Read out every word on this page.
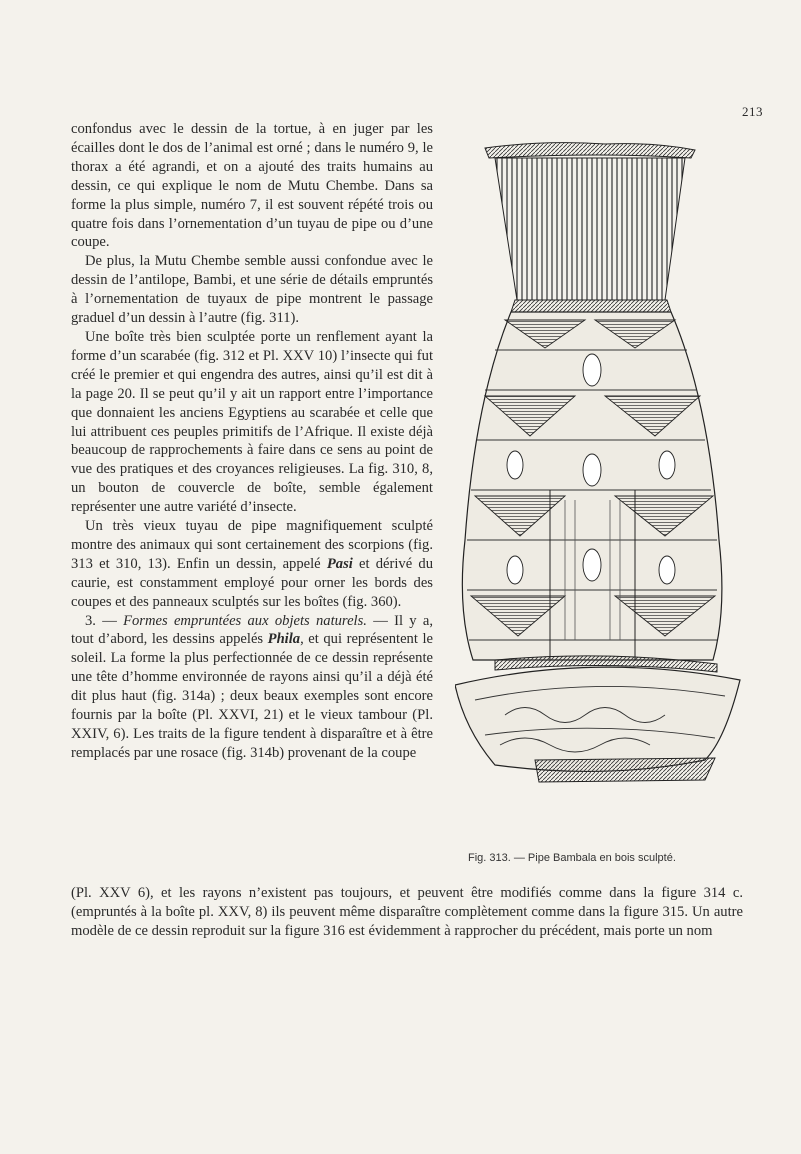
213

confondus avec le dessin de la tortue, à en juger par les écailles dont le dos de l’animal est orné ; dans le numéro 9, le thorax a été agrandi, et on a ajouté des traits humains au dessin, ce qui explique le nom de Mutu Chembe. Dans sa forme la plus simple, numéro 7, il est souvent répété trois ou quatre fois dans l’ornementation d’un tuyau de pipe ou d’une coupe.

De plus, la Mutu Chembe semble aussi confondue avec le dessin de l’antilope, Bambi, et une série de détails empruntés à l’ornementation de tuyaux de pipe montrent le passage graduel d’un dessin à l’autre (fig. 311).

Une boîte très bien sculptée porte un renflement ayant la forme d’un scarabée (fig. 312 et Pl. XXV 10) l’insecte qui fut créé le premier et qui engendra des autres, ainsi qu’il est dit à la page 20. Il se peut qu’il y ait un rapport entre l’importance que donnaient les anciens Egyptiens au scarabée et celle que lui attribuent ces peuples primitifs de l’Afrique. Il existe déjà beaucoup de rapprochements à faire dans ce sens au point de vue des pratiques et des croyances religieuses. La fig. 310, 8, un bouton de couvercle de boîte, semble également représenter une autre variété d’insecte.

Un très vieux tuyau de pipe magnifiquement sculpté montre des animaux qui sont certainement des scorpions (fig. 313 et 310, 13). Enfin un dessin, appelé Pasi et dérivé du caurie, est constamment employé pour orner les bords des coupes et des panneaux sculptés sur les boîtes (fig. 360).

3. — Formes empruntées aux objets naturels. — Il y a, tout d’abord, les dessins appelés Phila, et qui représentent le soleil. La forme la plus perfectionnée de ce dessin représente une tête d’homme environnée de rayons ainsi qu’il a déjà été dit plus haut (fig. 314a) ; deux beaux exemples sont encore fournis par la boîte (Pl. XXVI, 21) et le vieux tambour (Pl. XXIV, 6). Les traits de la figure tendent à disparaître et à être remplacés par une rosace (fig. 314b) provenant de la coupe

(Pl. XXV 6), et les rayons n’existent pas toujours, et peuvent être modifiés comme dans la figure 314 c. (empruntés à la boîte pl. XXV, 8) ils peuvent même disparaître complètement comme dans la figure 315. Un autre modèle de ce dessin reproduit sur la figure 316 est évidemment à rapprocher du précédent, mais porte un nom
Fig. 313. — Pipe Bambala en bois sculpté.
